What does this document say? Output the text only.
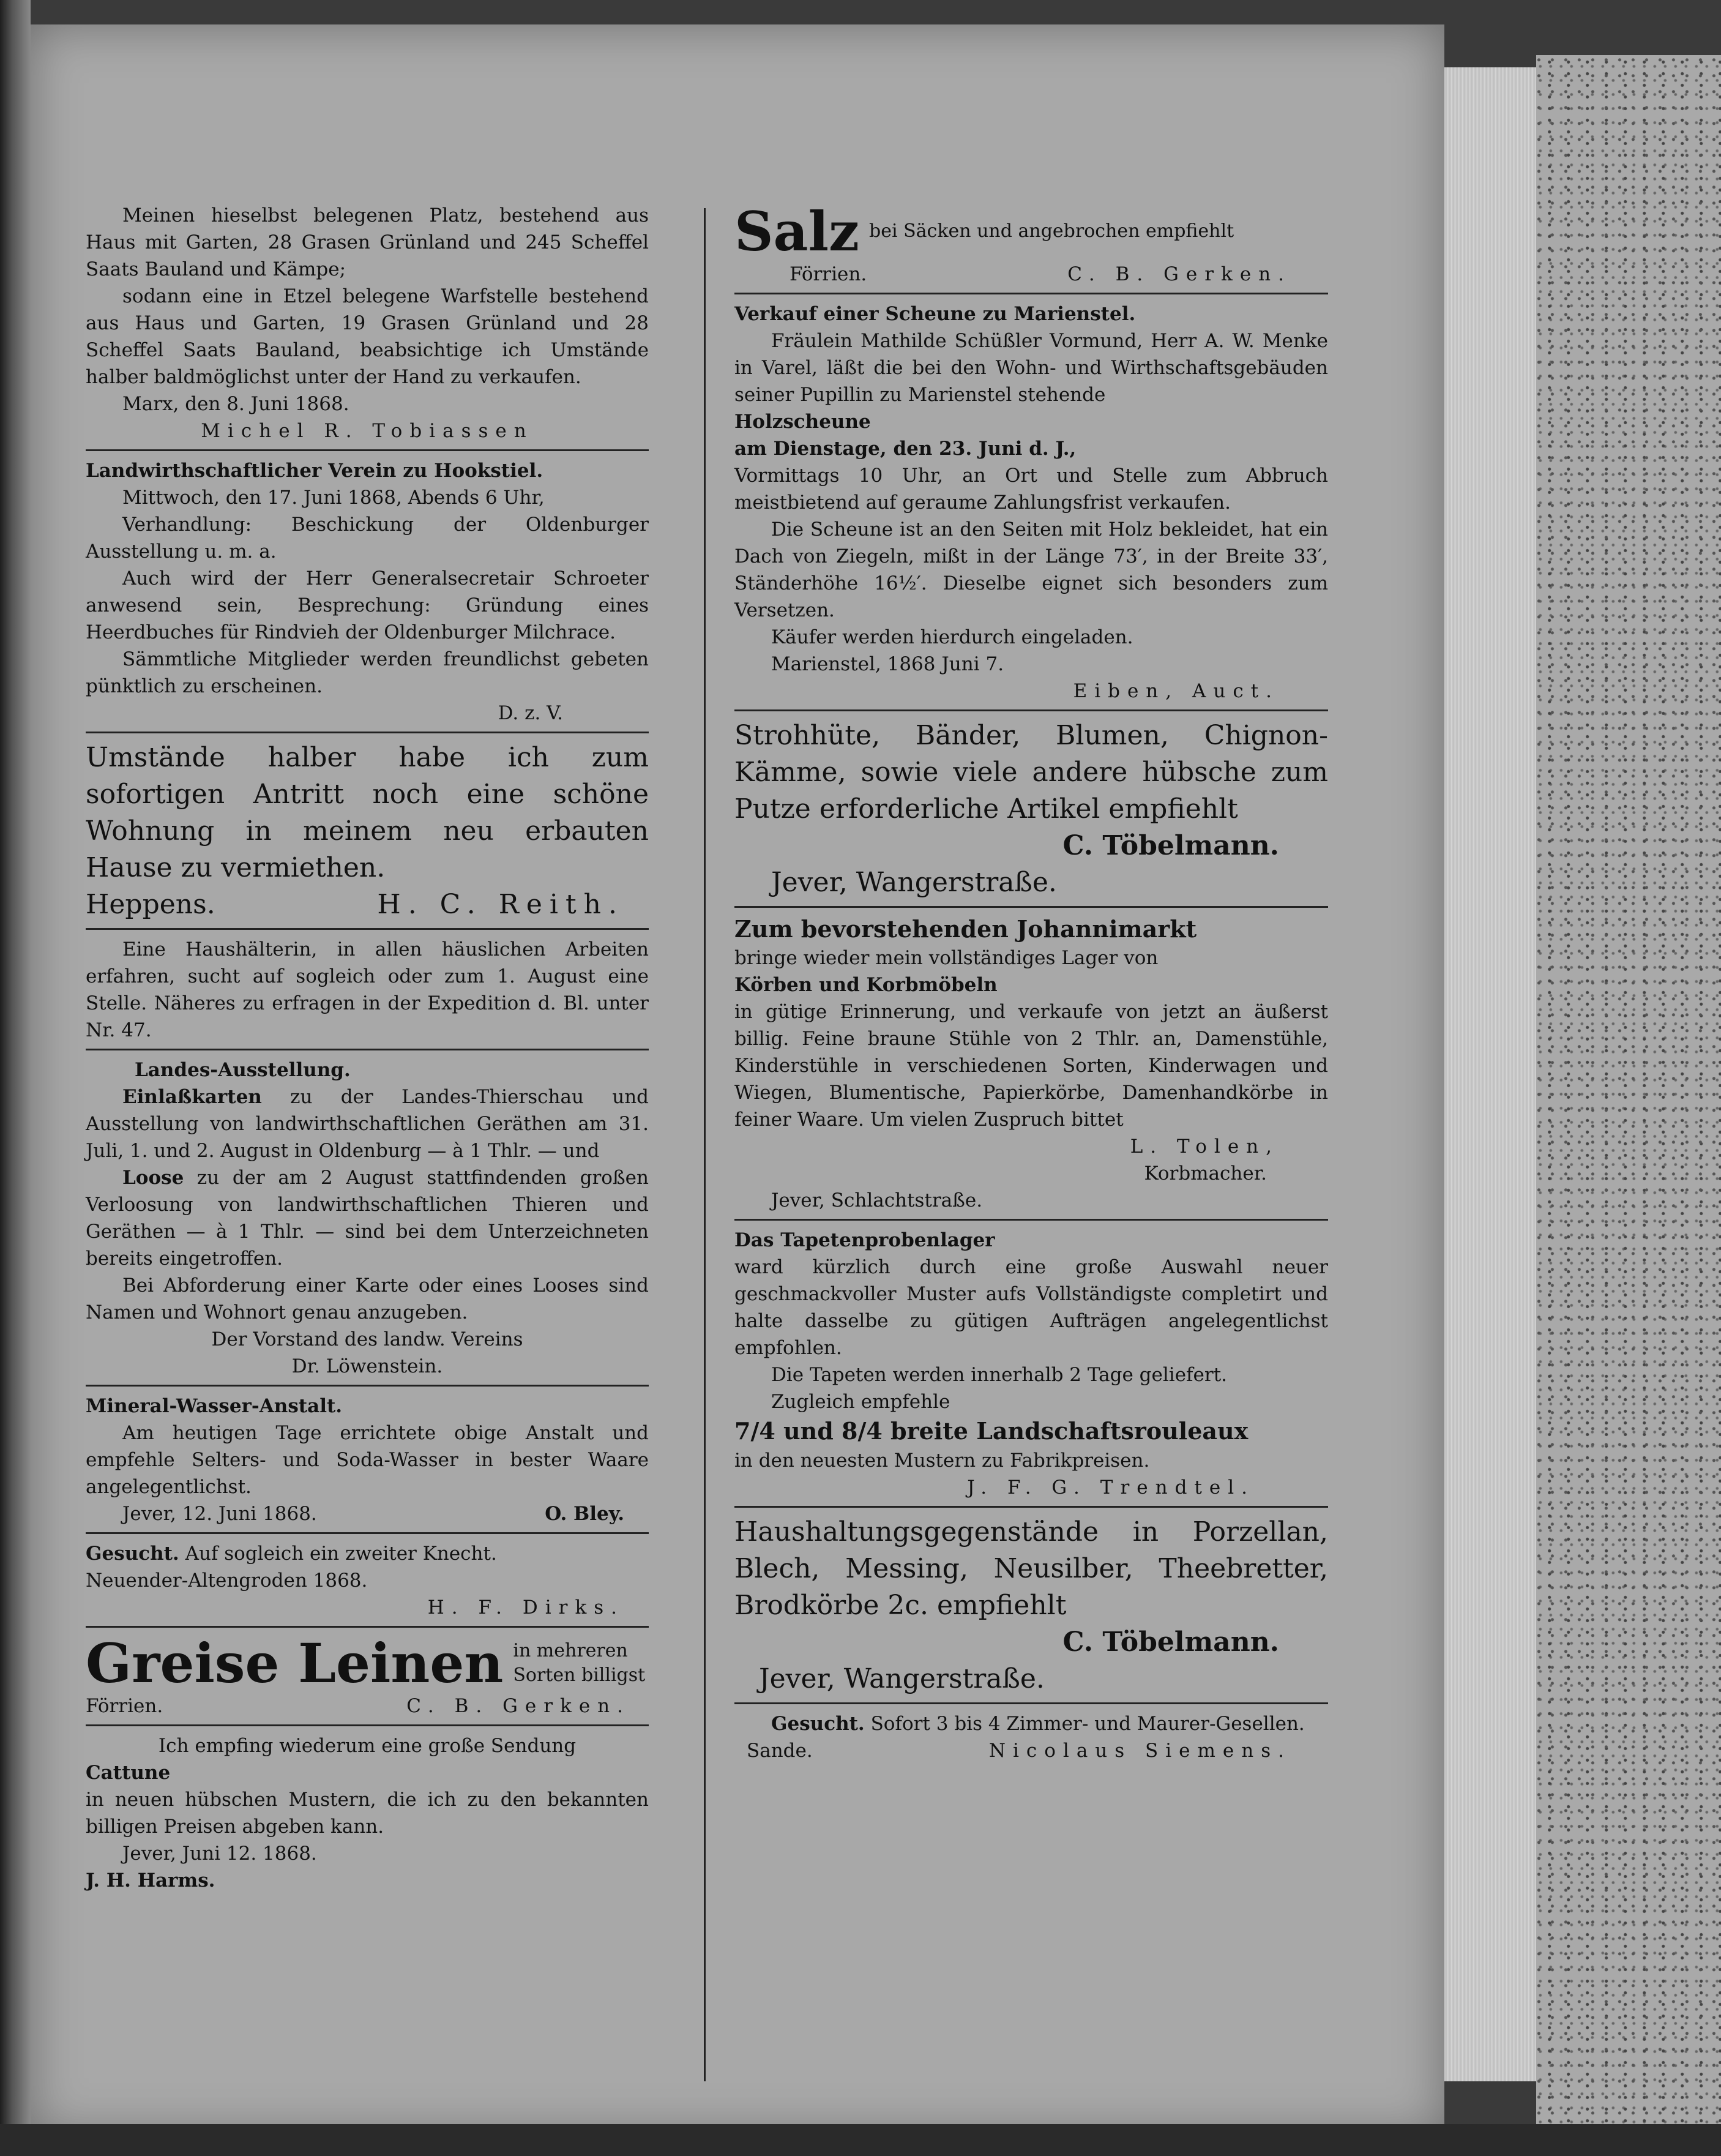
Meinen hieselbst belegenen Platz, bestehend aus Haus mit Garten, 28 Grasen Grünland und 245 Scheffel Saats Bauland und Kämpe;

sodann eine in Etzel belegene Warfstelle bestehend aus Haus und Garten, 19 Grasen Grünland und 28 Scheffel Saats Bauland, beabsichtige ich Umstände halber baldmöglichst unter der Hand zu verkaufen.

Marx, den 8. Juni 1868.

Michel R. Tobiassen

Landwirthschaftlicher Verein zu Hookstiel.

Mittwoch, den 17. Juni 1868, Abends 6 Uhr,

Verhandlung: Beschickung der Oldenburger Ausstellung u. m. a.

Auch wird der Herr Generalsecretair Schroeter anwesend sein, Besprechung: Gründung eines Heerdbuches für Rindvieh der Oldenburger Milchrace.

Sämmtliche Mitglieder werden freundlichst gebeten pünktlich zu erscheinen.

D. z. V.

Umstände halber habe ich zum sofortigen Antritt noch eine schöne Wohnung in meinem neu erbauten Hause zu vermiethen.

Heppens.	H. C. Reith.

Eine Haushälterin, in allen häuslichen Arbeiten erfahren, sucht auf sogleich oder zum 1. August eine Stelle. Näheres zu erfragen in der Expedition d. Bl. unter Nr. 47.

Landes-Ausstellung.

Einlaßkarten zu der Landes-Thierschau und Ausstellung von landwirthschaftlichen Geräthen am 31. Juli, 1. und 2. August in Oldenburg — à 1 Thlr. — und

Loose zu der am 2 August stattfindenden großen Verloosung von landwirthschaftlichen Thieren und Geräthen — à 1 Thlr. — sind bei dem Unterzeichneten bereits eingetroffen.

Bei Abforderung einer Karte oder eines Looses sind Namen und Wohnort genau anzugeben.

Der Vorstand des landw. Vereins

Dr. Löwenstein.

Mineral-Wasser-Anstalt.

Am heutigen Tage errichtete obige Anstalt und empfehle Selters- und Soda-Wasser in bester Waare angelegentlichst.

Jever, 12. Juni 1868.	O. Bley.

Gesucht. Auf sogleich ein zweiter Knecht.

Neuender-Altengroden 1868.

H. F. Dirks.

Greise Leinen in mehreren Sorten billigst

Förrien.	C. B. Gerken.

Ich empfing wiederum eine große Sendung

Cattune

in neuen hübschen Mustern, die ich zu den bekannten billigen Preisen abgeben kann.

Jever, Juni 12. 1868.

J. H. Harms.

Salz bei Säcken und angebrochen empfiehlt

Förrien.	C. B. Gerken.

Verkauf einer Scheune zu Marienstel.

Fräulein Mathilde Schüßler Vormund, Herr A. W. Menke in Varel, läßt die bei den Wohn- und Wirthschaftsgebäuden seiner Pupillin zu Marienstel stehende

Holzscheune

am Dienstage, den 23. Juni d. J.,

Vormittags 10 Uhr, an Ort und Stelle zum Abbruch meistbietend auf geraume Zahlungsfrist verkaufen.

Die Scheune ist an den Seiten mit Holz bekleidet, hat ein Dach von Ziegeln, mißt in der Länge 73′, in der Breite 33′, Ständerhöhe 16½′. Dieselbe eignet sich besonders zum Versetzen.

Käufer werden hierdurch eingeladen.

Marienstel, 1868 Juni 7.

Eiben, Auct.

Strohhüte, Bänder, Blumen, Chignon-Kämme, sowie viele andere hübsche zum Putze erforderliche Artikel empfiehlt

C. Töbelmann.

Jever, Wangerstraße.

Zum bevorstehenden Johannimarkt

bringe wieder mein vollständiges Lager von

Körben und Korbmöbeln

in gütige Erinnerung, und verkaufe von jetzt an äußerst billig. Feine braune Stühle von 2 Thlr. an, Damenstühle, Kinderstühle in verschiedenen Sorten, Kinderwagen und Wiegen, Blumentische, Papierkörbe, Damenhandkörbe in feiner Waare. Um vielen Zuspruch bittet

L. Tolen,

Korbmacher.

Jever, Schlachtstraße.

Das Tapetenprobenlager

ward kürzlich durch eine große Auswahl neuer geschmackvoller Muster aufs Vollständigste completirt und halte dasselbe zu gütigen Aufträgen angelegentlichst empfohlen.

Die Tapeten werden innerhalb 2 Tage geliefert.

Zugleich empfehle

7/4 und 8/4 breite Landschaftsrouleaux

in den neuesten Mustern zu Fabrikpreisen.

J. F. G. Trendtel.

Haushaltungsgegenstände in Porzellan, Blech, Messing, Neusilber, Theebretter, Brodkörbe 2c. empfiehlt

C. Töbelmann.

Jever, Wangerstraße.

Gesucht. Sofort 3 bis 4 Zimmer- und Maurer-Gesellen.

Sande.	Nicolaus Siemens.
